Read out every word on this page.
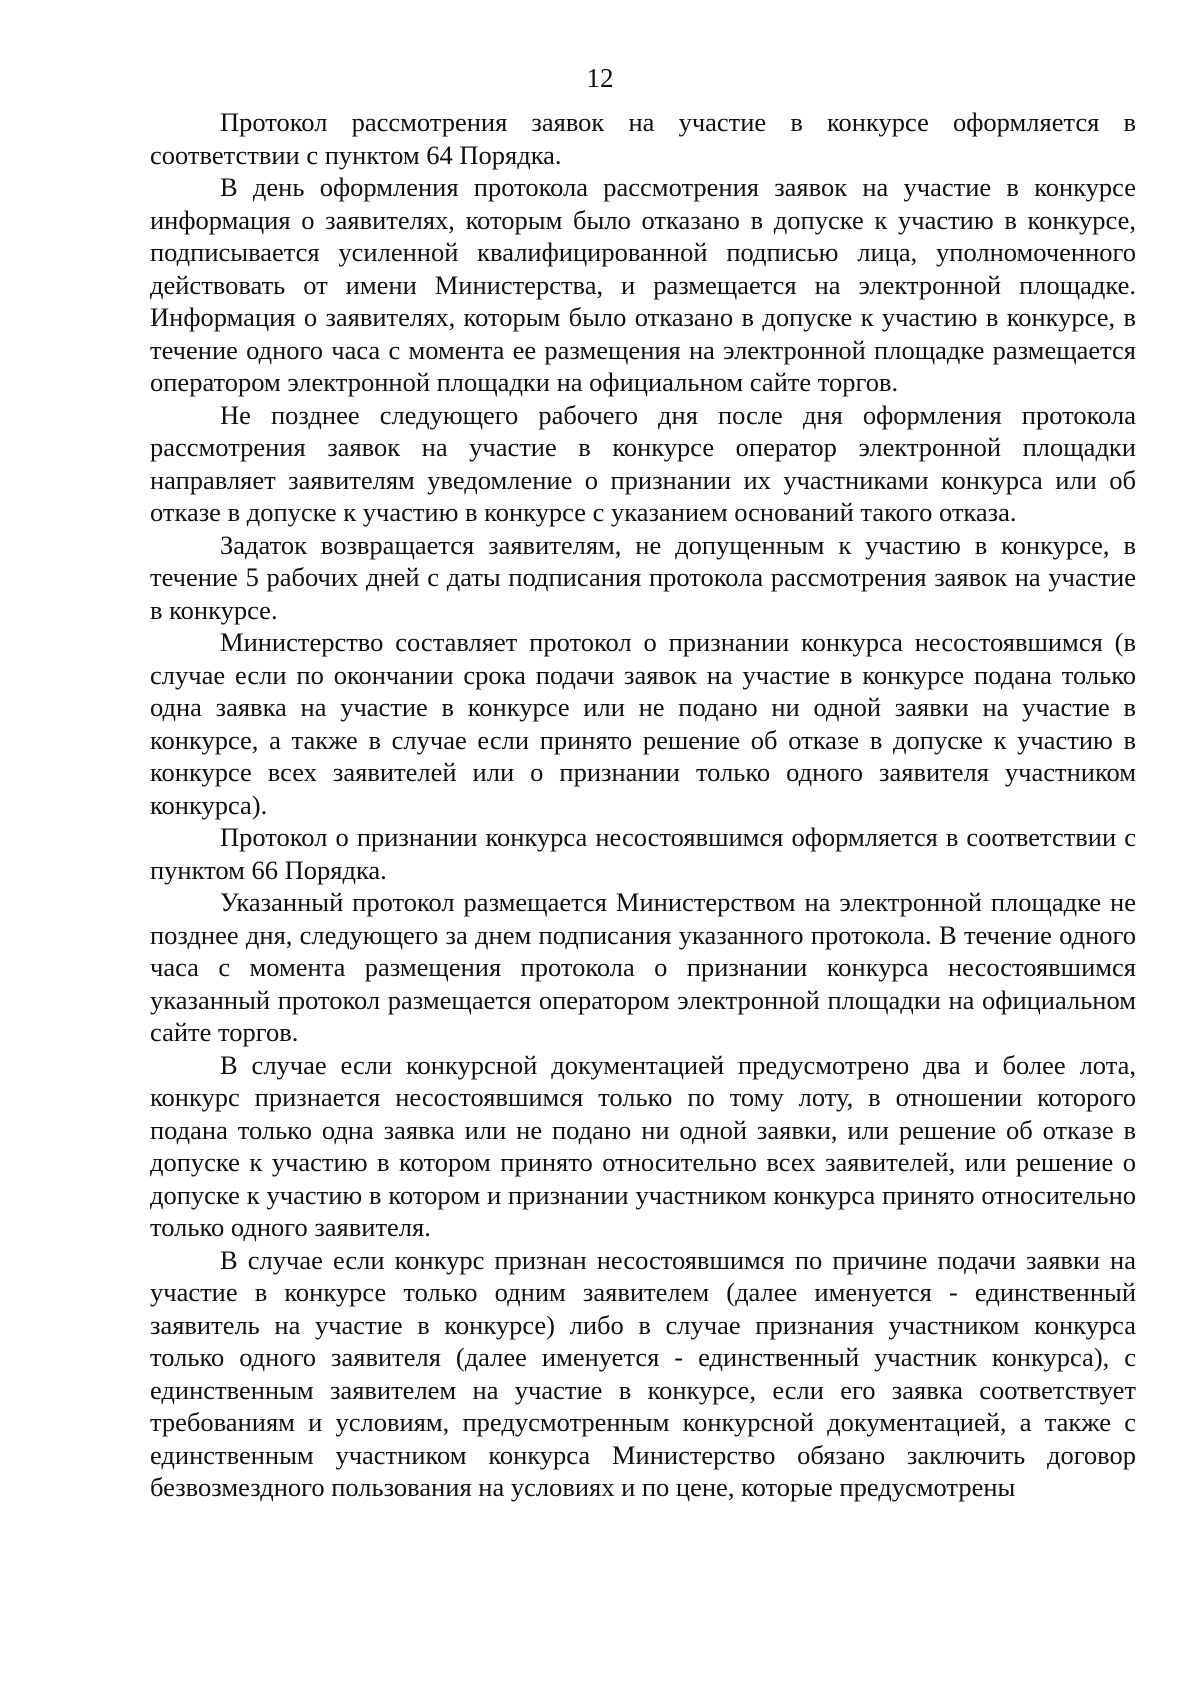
12

Протокол рассмотрения заявок на участие в конкурсе оформляется в соответствии с пунктом 64 Порядка.

В день оформления протокола рассмотрения заявок на участие в конкурсе информация о заявителях, которым было отказано в допуске к участию в конкурсе, подписывается усиленной квалифицированной подписью лица, уполномоченного действовать от имени Министерства, и размещается на электронной площадке. Информация о заявителях, которым было отказано в допуске к участию в конкурсе, в течение одного часа с момента ее размещения на электронной площадке размещается оператором электронной площадки на официальном сайте торгов.

Не позднее следующего рабочего дня после дня оформления протокола рассмотрения заявок на участие в конкурсе оператор электронной площадки направляет заявителям уведомление о признании их участниками конкурса или об отказе в допуске к участию в конкурсе с указанием оснований такого отказа.

Задаток возвращается заявителям, не допущенным к участию в конкурсе, в течение 5 рабочих дней с даты подписания протокола рассмотрения заявок на участие в конкурсе.

Министерство составляет протокол о признании конкурса несостоявшимся (в случае если по окончании срока подачи заявок на участие в конкурсе подана только одна заявка на участие в конкурсе или не подано ни одной заявки на участие в конкурсе, а также в случае если принято решение об отказе в допуске к участию в конкурсе всех заявителей или о признании только одного заявителя участником конкурса).

Протокол о признании конкурса несостоявшимся оформляется в соответствии с пунктом 66 Порядка.

Указанный протокол размещается Министерством на электронной площадке не позднее дня, следующего за днем подписания указанного протокола. В течение одного часа с момента размещения протокола о признании конкурса несостоявшимся указанный протокол размещается оператором электронной площадки на официальном сайте торгов.

В случае если конкурсной документацией предусмотрено два и более лота, конкурс признается несостоявшимся только по тому лоту, в отношении которого подана только одна заявка или не подано ни одной заявки, или решение об отказе в допуске к участию в котором принято относительно всех заявителей, или решение о допуске к участию в котором и признании участником конкурса принято относительно только одного заявителя.

В случае если конкурс признан несостоявшимся по причине подачи заявки на участие в конкурсе только одним заявителем (далее именуется - единственный заявитель на участие в конкурсе) либо в случае признания участником конкурса только одного заявителя (далее именуется - единственный участник конкурса), с единственным заявителем на участие в конкурсе, если его заявка соответствует требованиям и условиям, предусмотренным конкурсной документацией, а также с единственным участником конкурса Министерство обязано заключить договор безвозмездного пользования на условиях и по цене, которые предусмотрены
